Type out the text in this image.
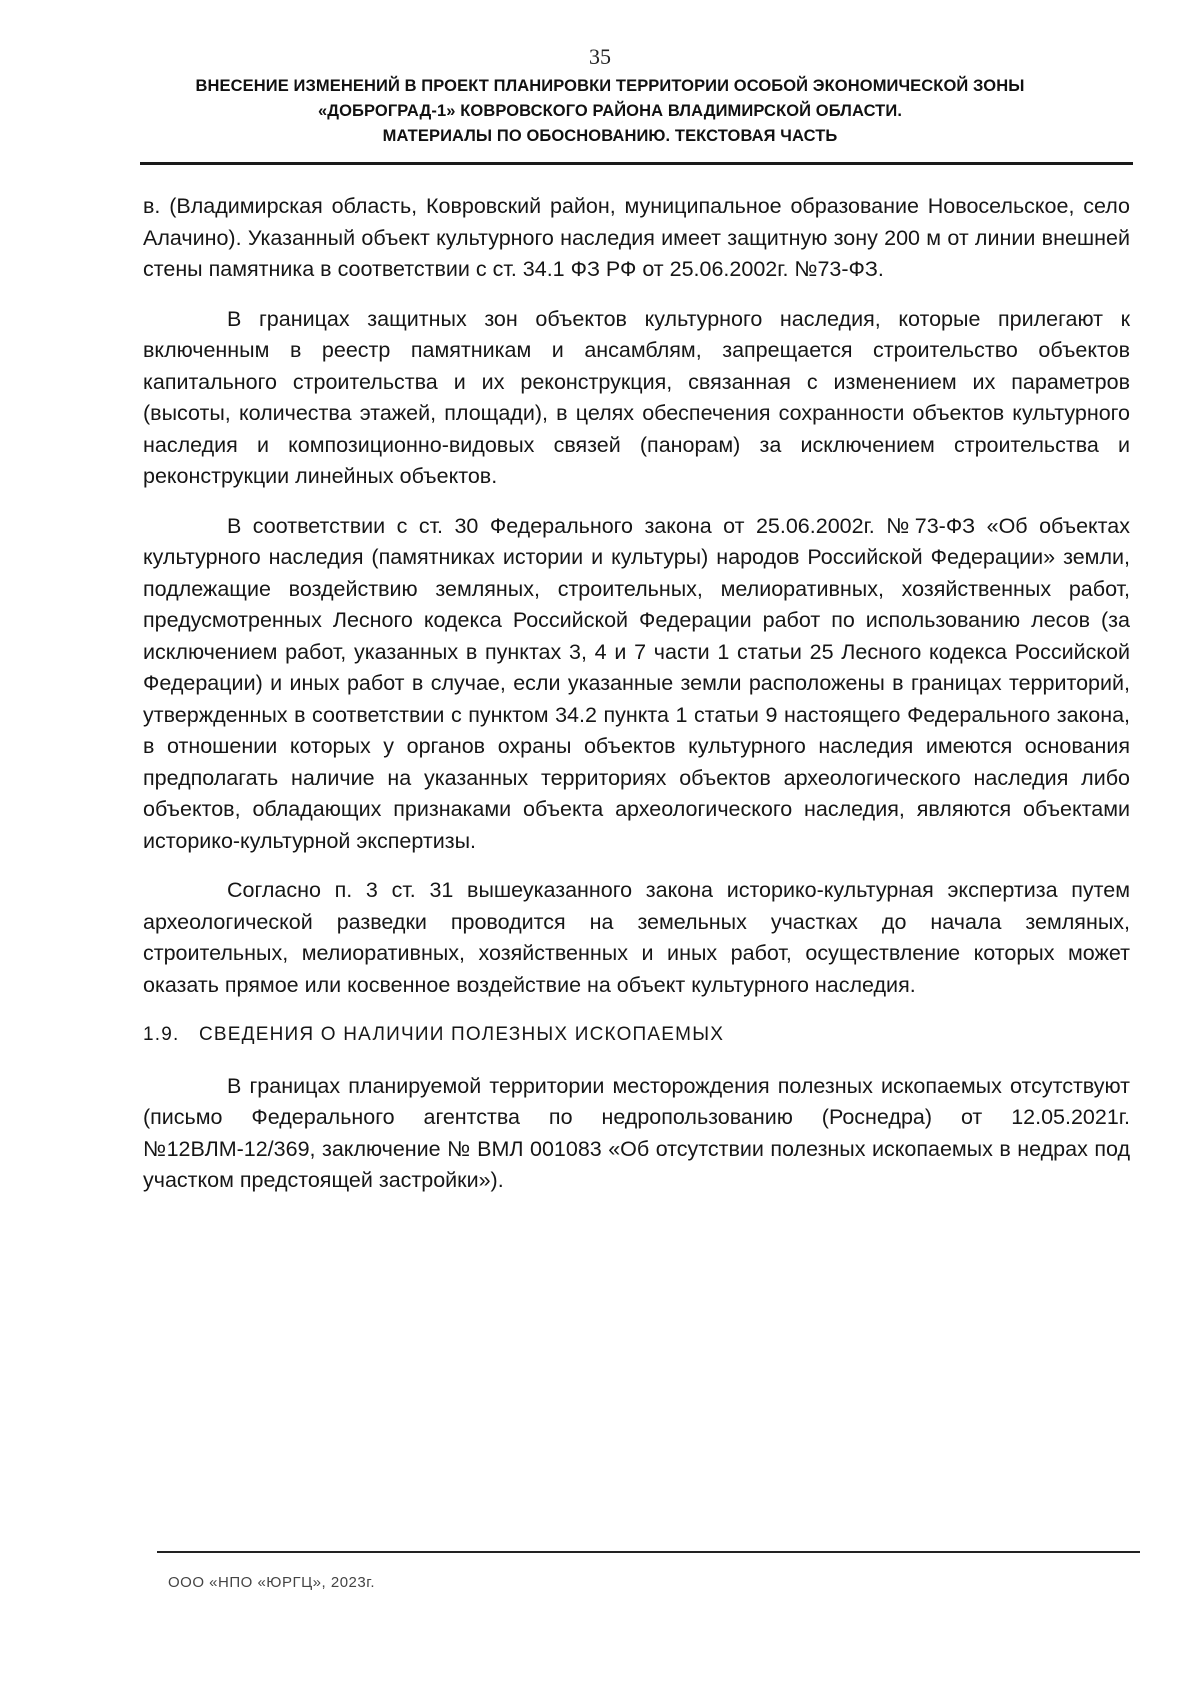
35
ВНЕСЕНИЕ ИЗМЕНЕНИЙ В ПРОЕКТ ПЛАНИРОВКИ ТЕРРИТОРИИ ОСОБОЙ ЭКОНОМИЧЕСКОЙ ЗОНЫ
«ДОБРОГРАД-1» КОВРОВСКОГО РАЙОНА ВЛАДИМИРСКОЙ ОБЛАСТИ.
МАТЕРИАЛЫ ПО ОБОСНОВАНИЮ. ТЕКСТОВАЯ ЧАСТЬ

в. (Владимирская область, Ковровский район, муниципальное образование Новосельское, село Алачино). Указанный объект культурного наследия имеет защитную зону 200 м от линии внешней стены памятника в соответствии с ст. 34.1 ФЗ РФ от 25.06.2002г. №73-ФЗ.

В границах защитных зон объектов культурного наследия, которые прилегают к включенным в реестр памятникам и ансамблям, запрещается строительство объектов капитального строительства и их реконструкция, связанная с изменением их параметров (высоты, количества этажей, площади), в целях обеспечения сохранности объектов культурного наследия и композиционно-видовых связей (панорам) за исключением строительства и реконструкции линейных объектов.

В соответствии с ст. 30 Федерального закона от 25.06.2002г. №73-ФЗ «Об объектах культурного наследия (памятниках истории и культуры) народов Российской Федерации» земли, подлежащие воздействию земляных, строительных, мелиоративных, хозяйственных работ, предусмотренных Лесного кодекса Российской Федерации работ по использованию лесов (за исключением работ, указанных в пунктах 3, 4 и 7 части 1 статьи 25 Лесного кодекса Российской Федерации) и иных работ в случае, если указанные земли расположены в границах территорий, утвержденных в соответствии с пунктом 34.2 пункта 1 статьи 9 настоящего Федерального закона, в отношении которых у органов охраны объектов культурного наследия имеются основания предполагать наличие на указанных территориях объектов археологического наследия либо объектов, обладающих признаками объекта археологического наследия, являются объектами историко-культурной экспертизы.

Согласно п. 3 ст. 31 вышеуказанного закона историко-культурная экспертиза путем археологической разведки проводится на земельных участках до начала земляных, строительных, мелиоративных, хозяйственных и иных работ, осуществление которых может оказать прямое или косвенное воздействие на объект культурного наследия.

1.9. СВЕДЕНИЯ О НАЛИЧИИ ПОЛЕЗНЫХ ИСКОПАЕМЫХ

В границах планируемой территории месторождения полезных ископаемых отсутствуют (письмо Федерального агентства по недропользованию (Роснедра) от 12.05.2021г. №12ВЛМ-12/369, заключение № ВМЛ 001083 «Об отсутствии полезных ископаемых в недрах под участком предстоящей застройки»).

ООО «НПО «ЮРГЦ», 2023г.
